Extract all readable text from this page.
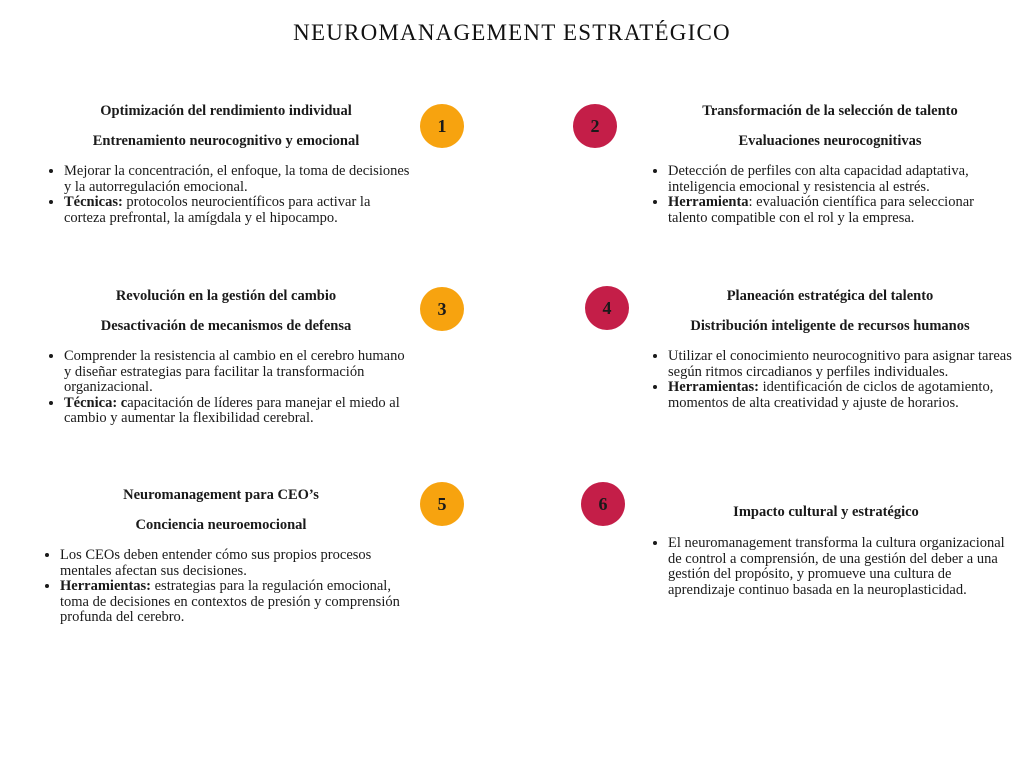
NEUROMANAGEMENT ESTRATÉGICO
1	2
3	4
5	6

Optimización del rendimiento individual

Entrenamiento neurocognitivo y emocional

• Mejorar la concentración, el enfoque, la toma de decisiones y la autorregulación emocional.
• Técnicas: protocolos neurocientíficos para activar la corteza prefrontal, la amígdala y el hipocampo.

Transformación de la selección de talento

Evaluaciones neurocognitivas

• Detección de perfiles con alta capacidad adaptativa, inteligencia emocional y resistencia al estrés.
• Herramienta: evaluación científica para seleccionar talento compatible con el rol y la empresa.

Revolución en la gestión del cambio

Desactivación de mecanismos de defensa

• Comprender la resistencia al cambio en el cerebro humano y diseñar estrategias para facilitar la transformación organizacional.
• Técnica: capacitación de líderes para manejar el miedo al cambio y aumentar la flexibilidad cerebral.

Planeación estratégica del talento

Distribución inteligente de recursos humanos

• Utilizar el conocimiento neurocognitivo para asignar tareas según ritmos circadianos y perfiles individuales.
• Herramientas: identificación de ciclos de agotamiento, momentos de alta creatividad y ajuste de horarios.

Neuromanagement para CEO’s

Conciencia neuroemocional

• Los CEOs deben entender cómo sus propios procesos mentales afectan sus decisiones.
• Herramientas: estrategias para la regulación emocional, toma de decisiones en contextos de presión y comprensión profunda del cerebro.

Impacto cultural y estratégico

• El neuromanagement transforma la cultura organizacional de control a comprensión, de una gestión del deber a una gestión del propósito, y promueve una cultura de aprendizaje continuo basada en la neuroplasticidad.
